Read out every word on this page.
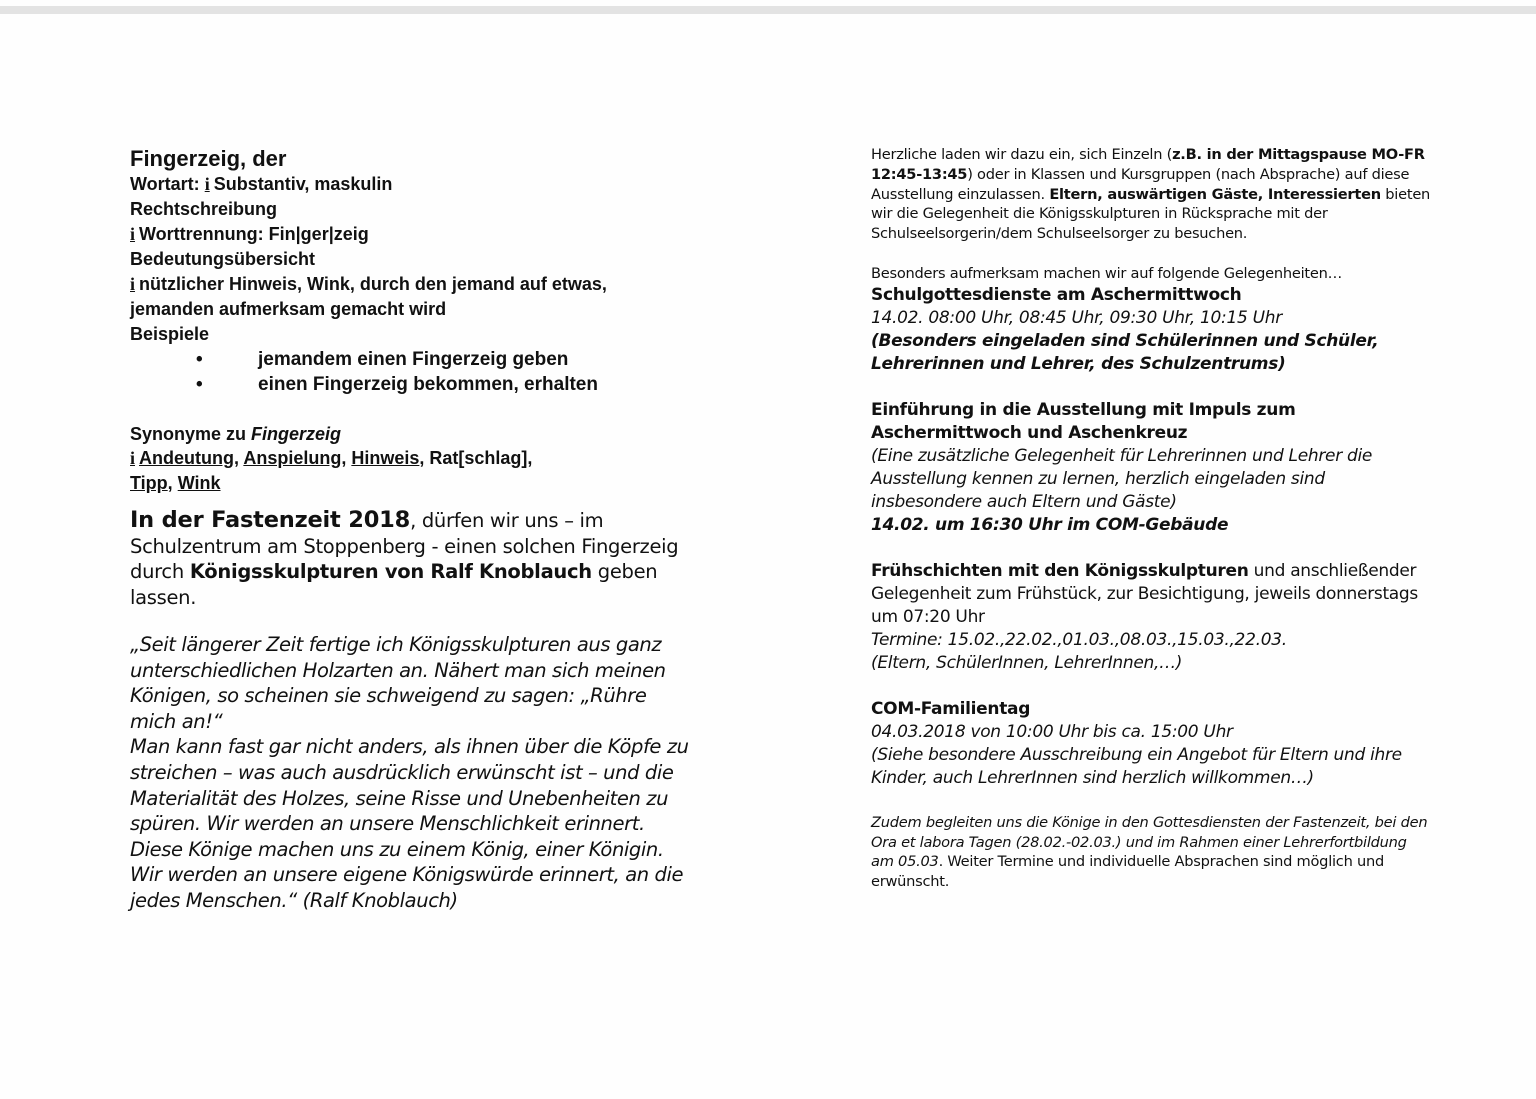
Fingerzeig, der
Wortart: i Substantiv, maskulin
Rechtschreibung
i Worttrennung: Fin|ger|zeig
Bedeutungsübersicht
i nützlicher Hinweis, Wink, durch den jemand auf etwas, jemanden aufmerksam gemacht wird
Beispiele
•	jemandem einen Fingerzeig geben
•	einen Fingerzeig bekommen, erhalten
Synonyme zu Fingerzeig
i Andeutung, Anspielung, Hinweis, Rat[schlag],
Tipp, Wink
In der Fastenzeit 2018, dürfen wir uns – im Schulzentrum am Stoppenberg - einen solchen Fingerzeig durch Königsskulpturen von Ralf Knoblauch geben lassen.
„Seit längerer Zeit fertige ich Königsskulpturen aus ganz unterschiedlichen Holzarten an. Nähert man sich meinen Königen, so scheinen sie schweigend zu sagen: „Rühre mich an!“
Man kann fast gar nicht anders, als ihnen über die Köpfe zu streichen – was auch ausdrücklich erwünscht ist – und die Materialität des Holzes, seine Risse und Unebenheiten zu spüren. Wir werden an unsere Menschlichkeit erinnert. Diese Könige machen uns zu einem König, einer Königin. Wir werden an unsere eigene Königswürde erinnert, an die jedes Menschen.“ (Ralf Knoblauch)

Herzliche laden wir dazu ein, sich Einzeln (z.B. in der Mittagspause MO-FR 12:45-13:45) oder in Klassen und Kursgruppen (nach Absprache) auf diese Ausstellung einzulassen. Eltern, auswärtigen Gäste, Interessierten bieten wir die Gelegenheit die Königsskulpturen in Rücksprache mit der Schulseelsorgerin/dem Schulseelsorger zu besuchen.

Besonders aufmerksam machen wir auf folgende Gelegenheiten…
Schulgottesdienste am Aschermittwoch
14.02. 08:00 Uhr, 08:45 Uhr, 09:30 Uhr, 10:15 Uhr
(Besonders eingeladen sind Schülerinnen und Schüler, Lehrerinnen und Lehrer, des Schulzentrums)
Einführung in die Ausstellung mit Impuls zum Aschermittwoch und Aschenkreuz
(Eine zusätzliche Gelegenheit für Lehrerinnen und Lehrer die Ausstellung kennen zu lernen, herzlich eingeladen sind insbesondere auch Eltern und Gäste)
14.02. um 16:30 Uhr im COM-Gebäude
Frühschichten mit den Königsskulpturen und anschließender Gelegenheit zum Frühstück, zur Besichtigung, jeweils donnerstags um 07:20 Uhr
Termine: 15.02.,22.02.,01.03.,08.03.,15.03.,22.03.
(Eltern, SchülerInnen, LehrerInnen,…)
COM-Familientag
04.03.2018 von 10:00 Uhr bis ca. 15:00 Uhr
(Siehe besondere Ausschreibung ein Angebot für Eltern und ihre Kinder, auch LehrerInnen sind herzlich willkommen…)
Zudem begleiten uns die Könige in den Gottesdiensten der Fastenzeit, bei den Ora et labora Tagen (28.02.-02.03.) und im Rahmen einer Lehrerfortbildung am 05.03. Weiter Termine und individuelle Absprachen sind möglich und erwünscht.
